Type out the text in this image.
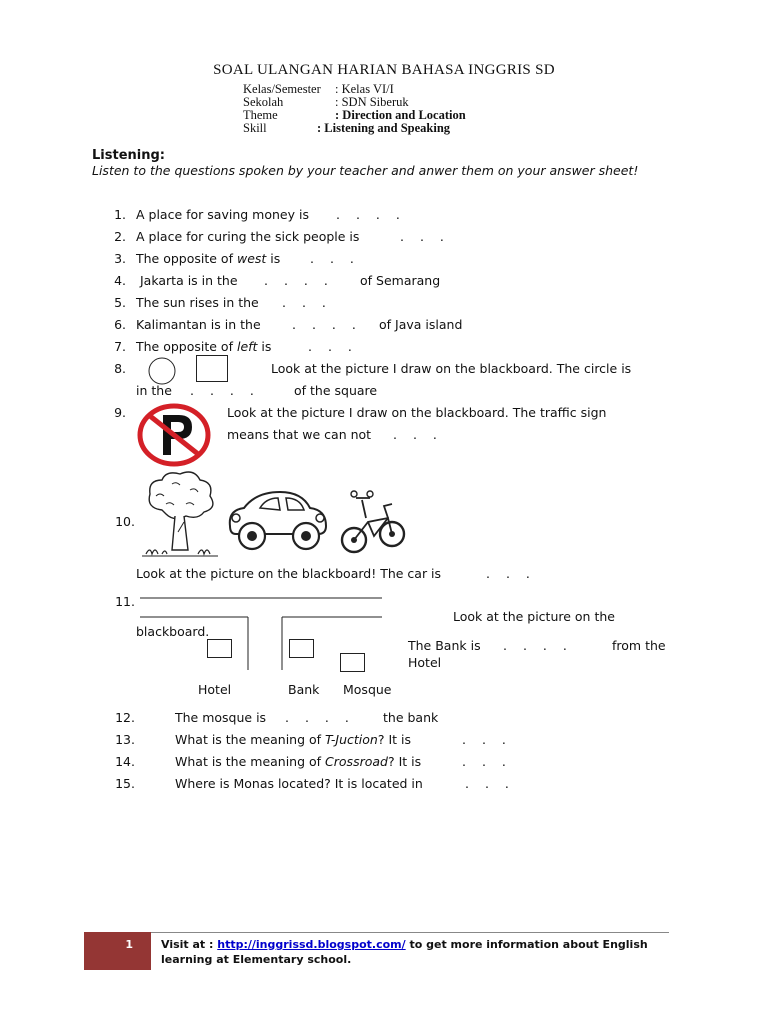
SOAL ULANGAN HARIAN BAHASA INGGRIS SD
Kelas/Semester : Kelas VI/I
Sekolah	: SDN Siberuk
Theme	: Direction and Location
Skill	: Listening and Speaking
Listening:
Listen to the questions spoken by your teacher and anwer them on your answer sheet!
1. A place for saving money is . . . .
2. A place for curing the sick people is	. . .
3. The opposite of west is . . .
4. Jakarta is in the . . . . of Semarang
5. The sun rises in the . . .
6. Kalimantan is in the	. . . . of Java island
7. The opposite of left is	. . .
8.	Look at the picture I draw on the blackboard. The circle is
in the . . . .	of the square
9.	Look at the picture I draw on the blackboard. The traffic sign
means that we can not . . .
10.
Look at the picture on the blackboard! The car is	. . .
11.
Look at the picture on the
blackboard.
The Bank is . . . .	from the
Hotel
Hotel	Bank Mosque
12.	The mosque is . . . . the bank
13.	What is the meaning of T-Juction? It is	. . .
14.	What is the meaning of Crossroad? It is	. . .
15.	Where is Monas located? It is located in	. . .
1	Visit at : http://inggrissd.blogspot.com/ to get more information about English learning at Elementary school.
